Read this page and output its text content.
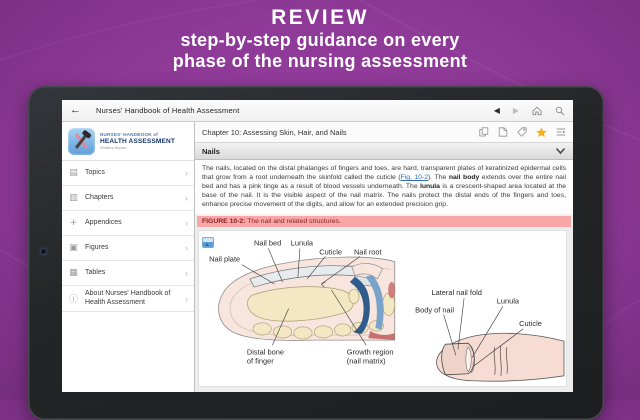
REVIEW
step-by-step guidance on every
phase of the nursing assessment
← Nurses' Handbook of Health Assessment	◀ ▶
NURSES' HANDBOOK of
HEALTH ASSESSMENT
Wolters Kluwer
▤ Topics	›
▥ Chapters	›
+ Appendices	›
▣ Figures	›
▦ Tables	›
ⓘ
About Nurses' Handbook of Health Assessment	›
Chapter 10: Assessing Skin, Hair, and Nails
Nails
The nails, located on the distal phalanges of fingers and toes, are hard, transparent plates of keratinized epidermal cells that grow from a root underneath the skinfold called the cuticle (Fig. 10-2). The nail body extends over the entire nail bed and has a pink tinge as a result of blood vessels underneath. The lunula is a crescent-shaped area located at the base of the nail. It is the visible aspect of the nail matrix. The nails protect the distal ends of the fingers and toes, enhance precise movement of the digits, and allow for an extended precision grip.
FIGURE 10-2: The nail and related structures.
Nail plate
Nail bed Lunula
Cuticle Nail root
Distal bone
of finger
Growth region
(nail matrix)
Lateral nail fold
Lunula
Body of nail
Cuticle
